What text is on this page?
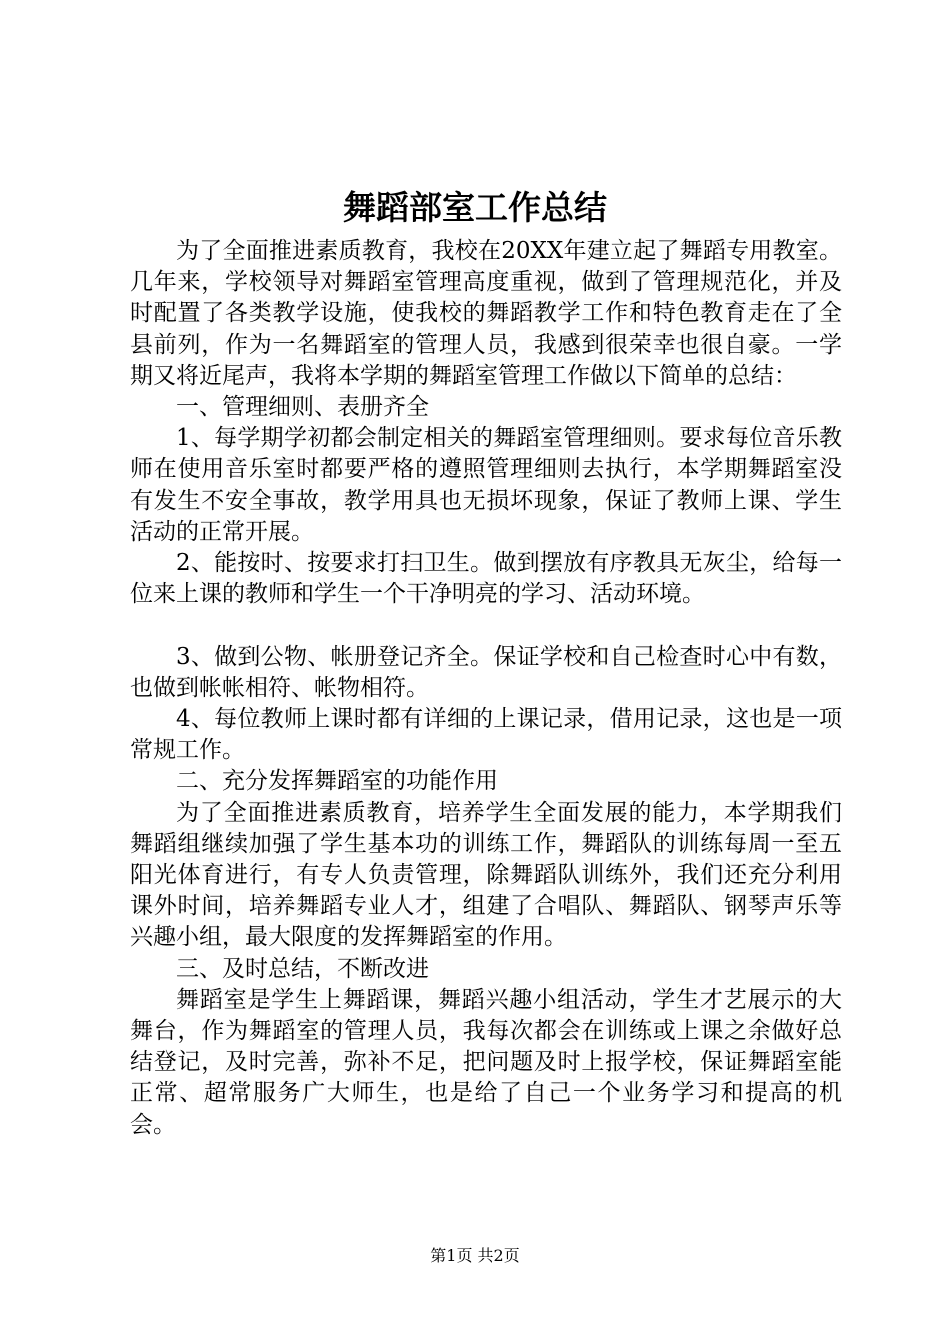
舞蹈部室工作总结

为了全面推进素质教育，我校在20XX年建立起了舞蹈专用教室。几年来，学校领导对舞蹈室管理高度重视，做到了管理规范化，并及时配置了各类教学设施，使我校的舞蹈教学工作和特色教育走在了全县前列，作为一名舞蹈室的管理人员，我感到很荣幸也很自豪。一学期又将近尾声，我将本学期的舞蹈室管理工作做以下简单的总结：

一、管理细则、表册齐全

1、每学期学初都会制定相关的舞蹈室管理细则。要求每位音乐教师在使用音乐室时都要严格的遵照管理细则去执行，本学期舞蹈室没有发生不安全事故，教学用具也无损坏现象，保证了教师上课、学生活动的正常开展。

2、能按时、按要求打扫卫生。做到摆放有序教具无灰尘，给每一位来上课的教师和学生一个干净明亮的学习、活动环境。

3、做到公物、帐册登记齐全。保证学校和自己检查时心中有数，也做到帐帐相符、帐物相符。

4、每位教师上课时都有详细的上课记录，借用记录，这也是一项常规工作。

二、充分发挥舞蹈室的功能作用

为了全面推进素质教育，培养学生全面发展的能力，本学期我们舞蹈组继续加强了学生基本功的训练工作，舞蹈队的训练每周一至五阳光体育进行，有专人负责管理，除舞蹈队训练外，我们还充分利用课外时间，培养舞蹈专业人才，组建了合唱队、舞蹈队、钢琴声乐等兴趣小组，最大限度的发挥舞蹈室的作用。

三、及时总结，不断改进

舞蹈室是学生上舞蹈课，舞蹈兴趣小组活动，学生才艺展示的大舞台，作为舞蹈室的管理人员，我每次都会在训练或上课之余做好总结登记，及时完善，弥补不足，把问题及时上报学校，保证舞蹈室能正常、超常服务广大师生，也是给了自己一个业务学习和提高的机会。

第1页 共2页
